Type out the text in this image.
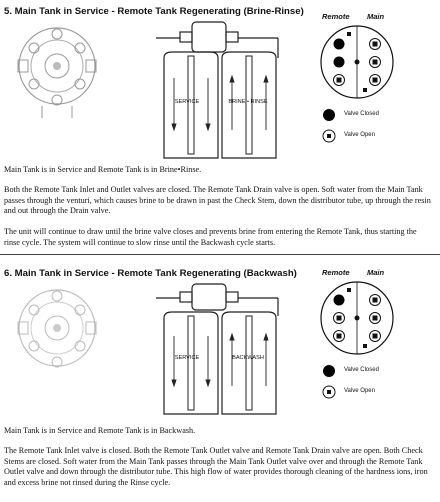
5. Main Tank in Service - Remote Tank Regenerating (Brine-Rinse)
SERVICE	BRINE • RINSE
Remote Main
Valve Closed
Valve Open

Main Tank is in Service and Remote Tank is in Brine•Rinse.

Both the Remote Tank Inlet and Outlet valves are closed. The Remote Tank Drain valve is open. Soft water from the Main Tank passes through the venturi, which causes brine to be drawn in past the Check Stem, down the distributor tube, up through the resin and out through the Drain valve.

The unit will continue to draw until the brine valve closes and prevents brine from entering the Remote Tank, thus starting the rinse cycle. The system will continue to slow rinse until the Backwash cycle starts.

6. Main Tank in Service - Remote Tank Regenerating (Backwash)
SERVICE	BACKWASH
Remote Main
Valve Closed
Valve Open

Main Tank is in Service and Remote Tank is in Backwash.

The Remote Tank Inlet valve is closed. Both the Remote Tank Outlet valve and Remote Tank Drain valve are open. Both Check Stems are closed. Soft water from the Main Tank passes through the Main Tank Outlet valve over and through the Remote Tank Outlet valve and down through the distributor tube. This high flow of water provides thorough cleaning of the hardness ions, iron and excess brine not rinsed during the Rinse cycle.
